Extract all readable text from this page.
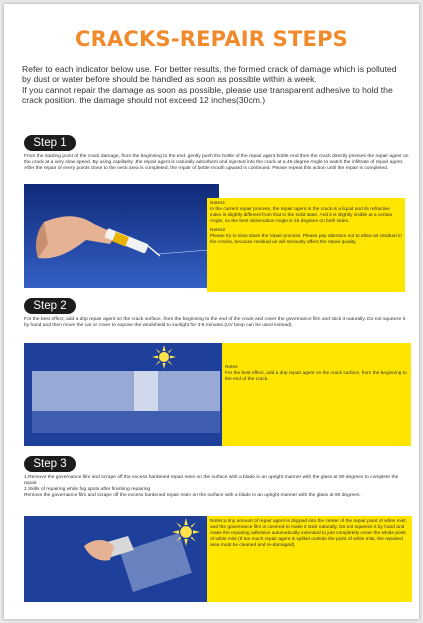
CRACKS-REPAIR STEPS

Refer to each indicator below use. For better results, the formed crack of damage which is polluted by dust or water before should be handled as soon as possible within a week.

If you cannot repair the damage as soon as possible, please use transparent adhesive to hold the crack position. the damage should not exceed 12 inches(30cm.)

Step 1

From the starting point of the crack damage, from the beginning to the end, gently push the bottle of the repair agent bottle.And then the crack directly presses the repair agent on the crack at a very slow speed. By using capillarity ,the repair agent is naturally adsorbent and injected into the crack at a 45-degree Angle to watch the infiltrate of repair agent. After the repair of every points close to the neck area is completed, the repair of bottle mouth upward is continued. Please repeat this action until the repair is completed.

Notes1

In the current repair process, the repair agent in the crack is a liquid and its refractive index is slightly different from that in the solid state. And it is slightly visible at a certain Angle, so the best observation Angle is 45 degrees on both sides.

Notes2

Please try to slow down the repair process. Please pay attention not to allow air residual in the cracks, because residual air will seriously affect the repair quality.

Step 2

For the best effect, add a drip repair agent on the crack surface, from the beginning to the end of the crack and cover the governance film and stick it naturally. Do not squeeze it by hand and then move the car or cover to expose the windshield to sunlight for 3-5 minutes.(UV lamp can be used instead).

Notes

For the best effect, add a drip repair agent on the crack surface, from the beginning to the end of the crack.

Step 3

1.Remove the governance film and scrape off the excess hardened repair resin on the surface with a blade in an upright manner with the glass at 90 degrees to complete the repair.

2.Skills of repairing white fog spots after finishing repairing

Remove the governance film and scrape off the excess hardened repair resin on the surface with a blade in an upright manner with the glass at 90 degrees.

Notes:a tiny amount of repair agent is dripped into the center of the repair point of white mist, and the governance film is covered to make it stick naturally. Do not squeeze it by hand and make the repairing adhesive automatically extended to just completely cover the whole point of white mist (If too much repair agent is spilled outside the point of white mist, the repaired area must be cleaned and re-damaged).
